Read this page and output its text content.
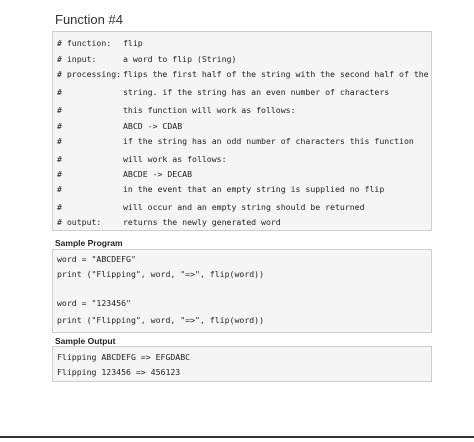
Function #4
# function: flip
# input:	a word to flip (String)
# processing: flips the first half of the string with the second half of the
#	string. if the string has an even number of characters
#	this function will work as follows:
#	ABCD -> CDAB
#	if the string has an odd number of characters this function
#	will work as follows:
#	ABCDE -> DECAB
#	in the event that an empty string is supplied no flip
#	will occur and an empty string should be returned
# output:	returns the newly generated word
Sample Program
word = "ABCDEFG"
print ("Flipping", word, "=>", flip(word))
word = "123456"
print ("Flipping", word, "=>", flip(word))
Sample Output
Flipping ABCDEFG => EFGDABC
Flipping 123456 => 456123
